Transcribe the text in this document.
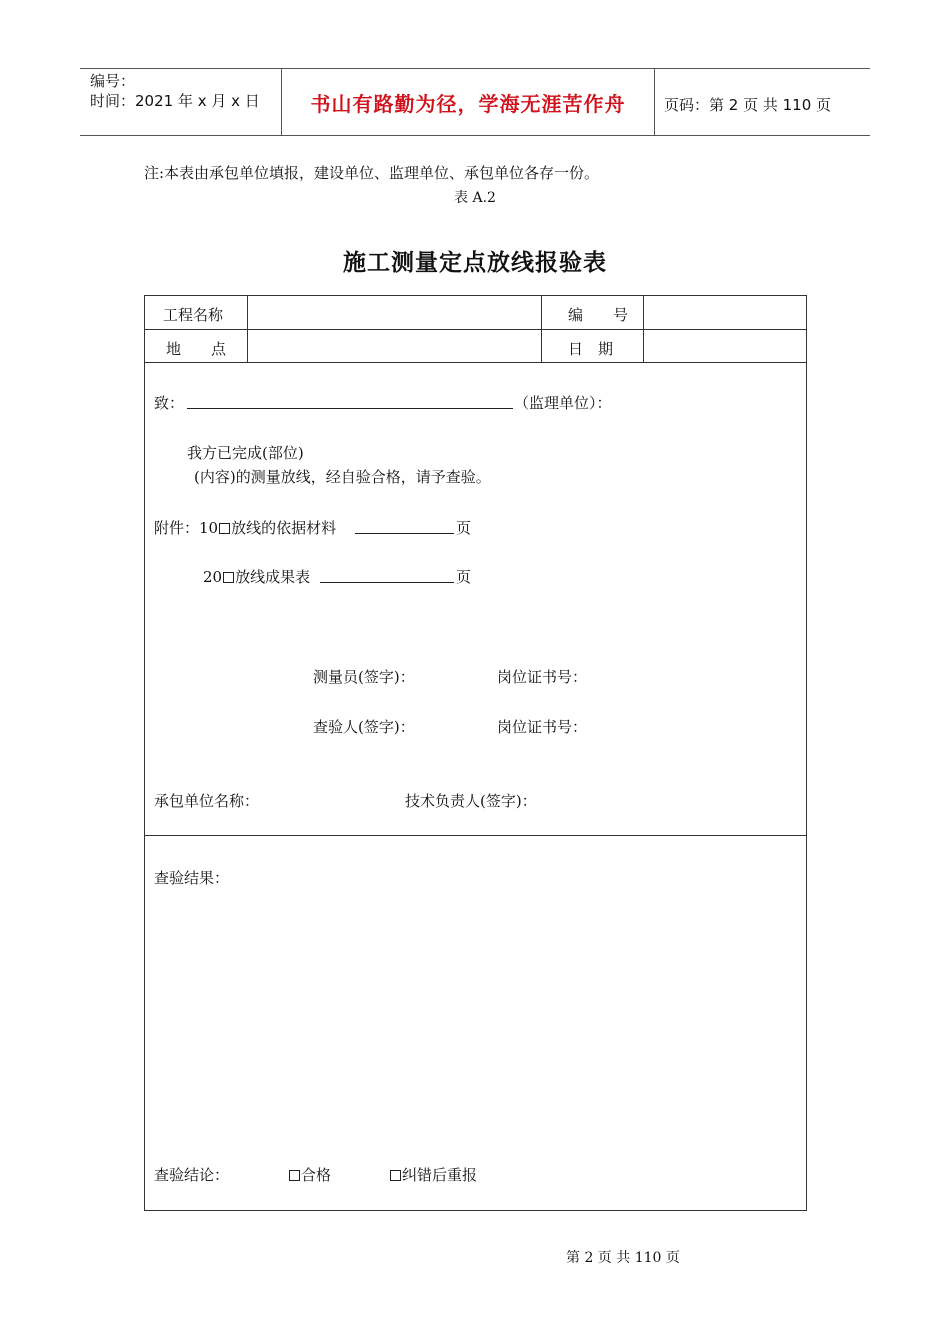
编号：
时间：2021 年 x 月 x 日	书山有路勤为径，学海无涯苦作舟	页码：第 2 页 共 110 页
注:本表由承包单位填报，建设单位、监理单位、承包单位各存一份。
表 A.2
施工测量定点放线报验表
工程名称	编　　号
地　　点	日　期
致：	（监理单位）：
我方已完成(部位)
(内容)的测量放线，经自验合格，请予查验。
附件：10 放线的依据材料	页
20 放线成果表	页
测量员(签字)：	岗位证书号：
查验人(签字)：	岗位证书号：
承包单位名称：	技术负责人(签字)：
查验结果：
查验结论：	合格	纠错后重报
第 2 页 共 110 页
